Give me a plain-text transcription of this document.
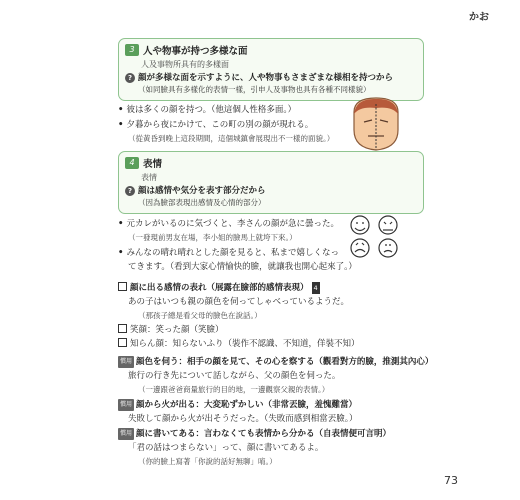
かお
3 人や物事が持つ多様な面
人及事物所具有的多樣面
? 顔が多様な面を示すように、人や物事もさまざまな様相を持つから
（如同臉具有多樣化的表情一樣，引申人及事物也具有各種不同樣貌）
• 彼は多くの顔を持つ。（他這個人性格多面。）
• 夕暮から夜にかけて、この町の別の顔が現れる。
（從黃昏到晚上這段期間，這個城鎮會展現出不一樣的面貌。）
4 表情
表情
? 顔は感情や気分を表す部分だから
（因為臉部表現出感情及心情的部分）
• 元カレがいるのに気づくと、李さんの顔が急に曇った。
（一發現前男友在場，李小姐的臉馬上就垮下來。）
• みんなの晴れ晴れとした顔を見ると、私まで嬉しくなっ
てきます。（看到大家心情愉快的臉，就讓我也開心起來了。）
顔に出る感情の表れ（展露在臉部的感情表現） 4
あの子はいつも親の顔色を伺ってしゃべっているようだ。
（那孩子總是看父母的臉色在說話。）
笑顔：笑った顔（笑臉）
知らん顔：知らないふり（裝作不認識、不知道，佯裝不知）
慣用 顔色を伺う：相手の顔を見て、その心を察する（觀看對方的臉，推測其內心）
旅行の行き先について話しながら、父の顔色を伺った。
（一邊跟爸爸商量旅行的目的地，一邊觀察父親的表情。）
慣用 顔から火が出る：大変恥ずかしい（非常丟臉，羞愧難當）
失敗して顔から火が出そうだった。（失敗而感到相當丟臉。）
慣用 顔に書いてある：言わなくても表情から分かる（自表情便可言明）
「君の話はつまらない」って、顔に書いてあるよ。
（你的臉上寫著「你說的話好無聊」唷。）
73
